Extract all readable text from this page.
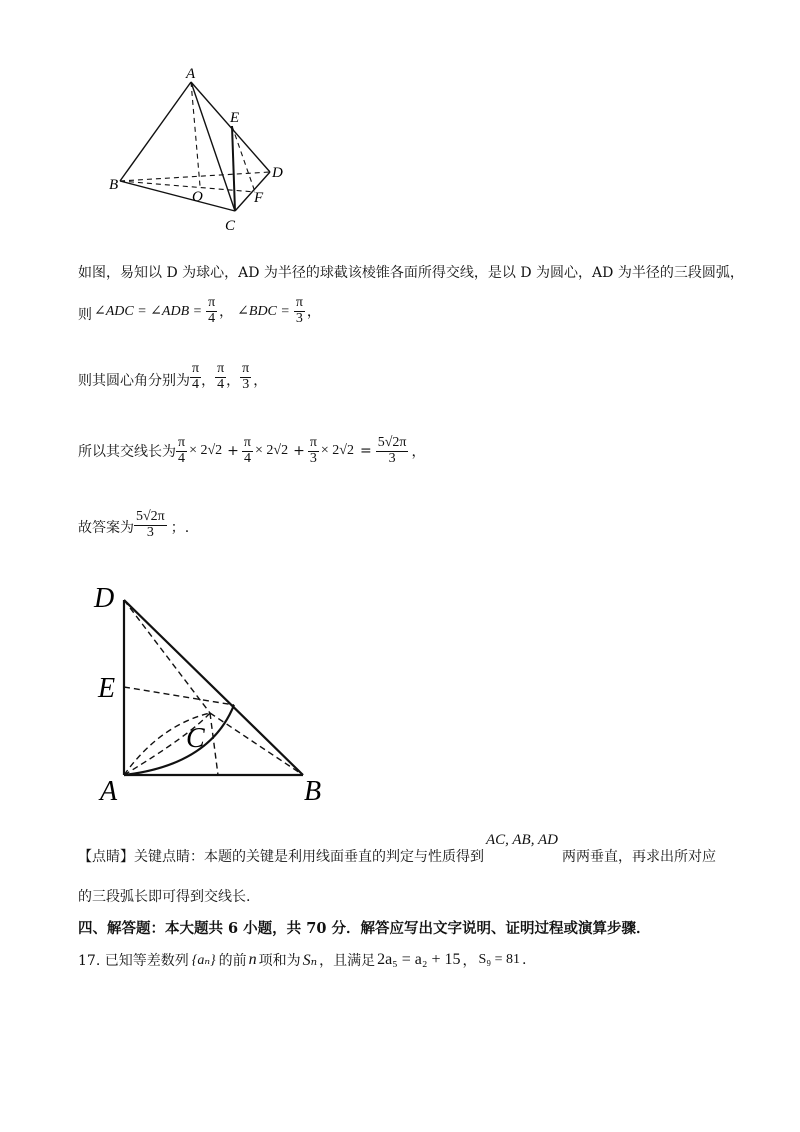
A
B
C
D
E
O	F
如图，易知以 D 为球心，AD 为半径的球截该棱锥各面所得交线，是以 D 为圆心，AD 为半径的三段圆弧，
则 ∠ADC = ∠ADB = $\frac{\pi}{4}$ ， ∠BDC = $\frac{\pi}{3}$ ，
则其圆心角分别为 $\frac{\pi}{4}$ ， $\frac{\pi}{4}$ ， $\frac{\pi}{3}$ ，
所以其交线长为 $\frac{\pi}{4} \times 2√2 + \frac{\pi}{4} \times 2√2 + \frac{\pi}{3} \times 2√2 = \frac{5√2\pi}{3}$ ，
故答案为 $\frac{5√2\pi}{3}$ ；.
D
E
C
A	B
【点睛】关键点睛：本题的关键是利用线面垂直的判定与性质得到
AC, AB, AD
两两垂直，再求出所对应
的三段弧长即可得到交线长.
四、解答题：本大题共 6 小题，共 70 分．解答应写出文字说明、证明过程或演算步骤．
17. 已知等差数列 {aₙ} 的前 n 项和为 Sₙ ，且满足 2a₅ = a₂ + 15 ， S₉ = 81 .
